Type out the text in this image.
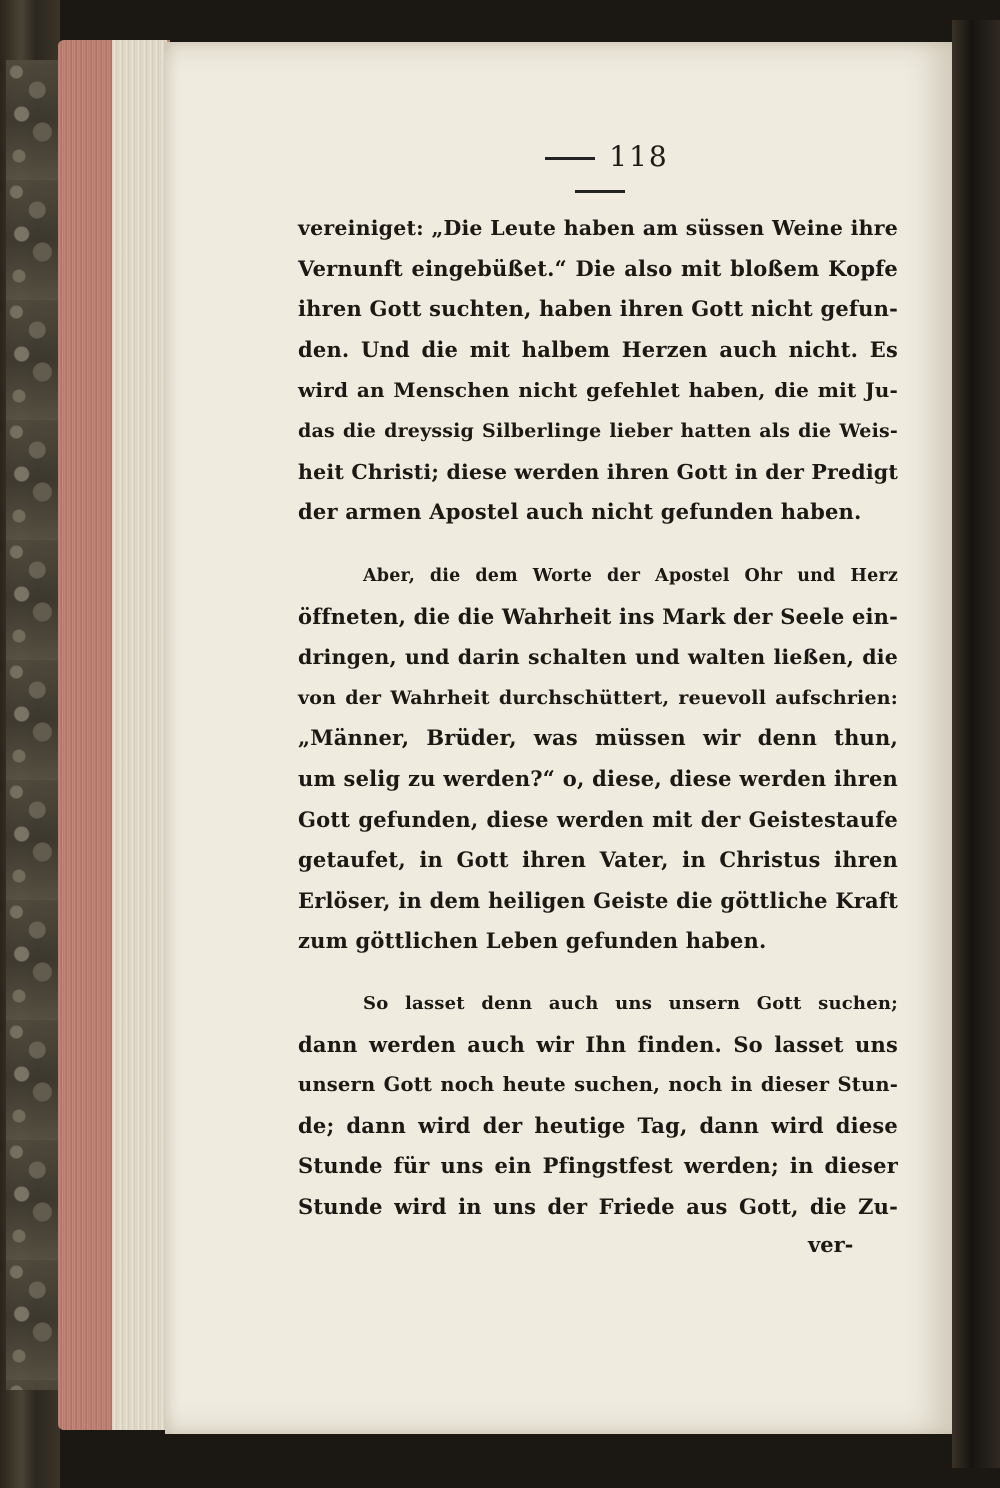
118
vereiniget: „Die Leute haben am süssen Weine ihre
Vernunft eingebüßet.“ Die also mit bloßem Kopfe
ihren Gott suchten, haben ihren Gott nicht gefun-
den. Und die mit halbem Herzen auch nicht. Es
wird an Menschen nicht gefehlet haben, die mit Ju-
das die dreyssig Silberlinge lieber hatten als die Weis-
heit Christi; diese werden ihren Gott in der Predigt
der armen Apostel auch nicht gefunden haben.
Aber, die dem Worte der Apostel Ohr und Herz
öffneten, die die Wahrheit ins Mark der Seele ein-
dringen, und darin schalten und walten ließen, die
von der Wahrheit durchschüttert, reuevoll aufschrien:
„Männer, Brüder, was müssen wir denn thun,
um selig zu werden?“ o, diese, diese werden ihren
Gott gefunden, diese werden mit der Geistestaufe
getaufet, in Gott ihren Vater, in Christus ihren
Erlöser, in dem heiligen Geiste die göttliche Kraft
zum göttlichen Leben gefunden haben.
So lasset denn auch uns unsern Gott suchen;
dann werden auch wir Ihn finden. So lasset uns
unsern Gott noch heute suchen, noch in dieser Stun-
de; dann wird der heutige Tag, dann wird diese
Stunde für uns ein Pfingstfest werden; in dieser
Stunde wird in uns der Friede aus Gott, die Zu-
ver-
